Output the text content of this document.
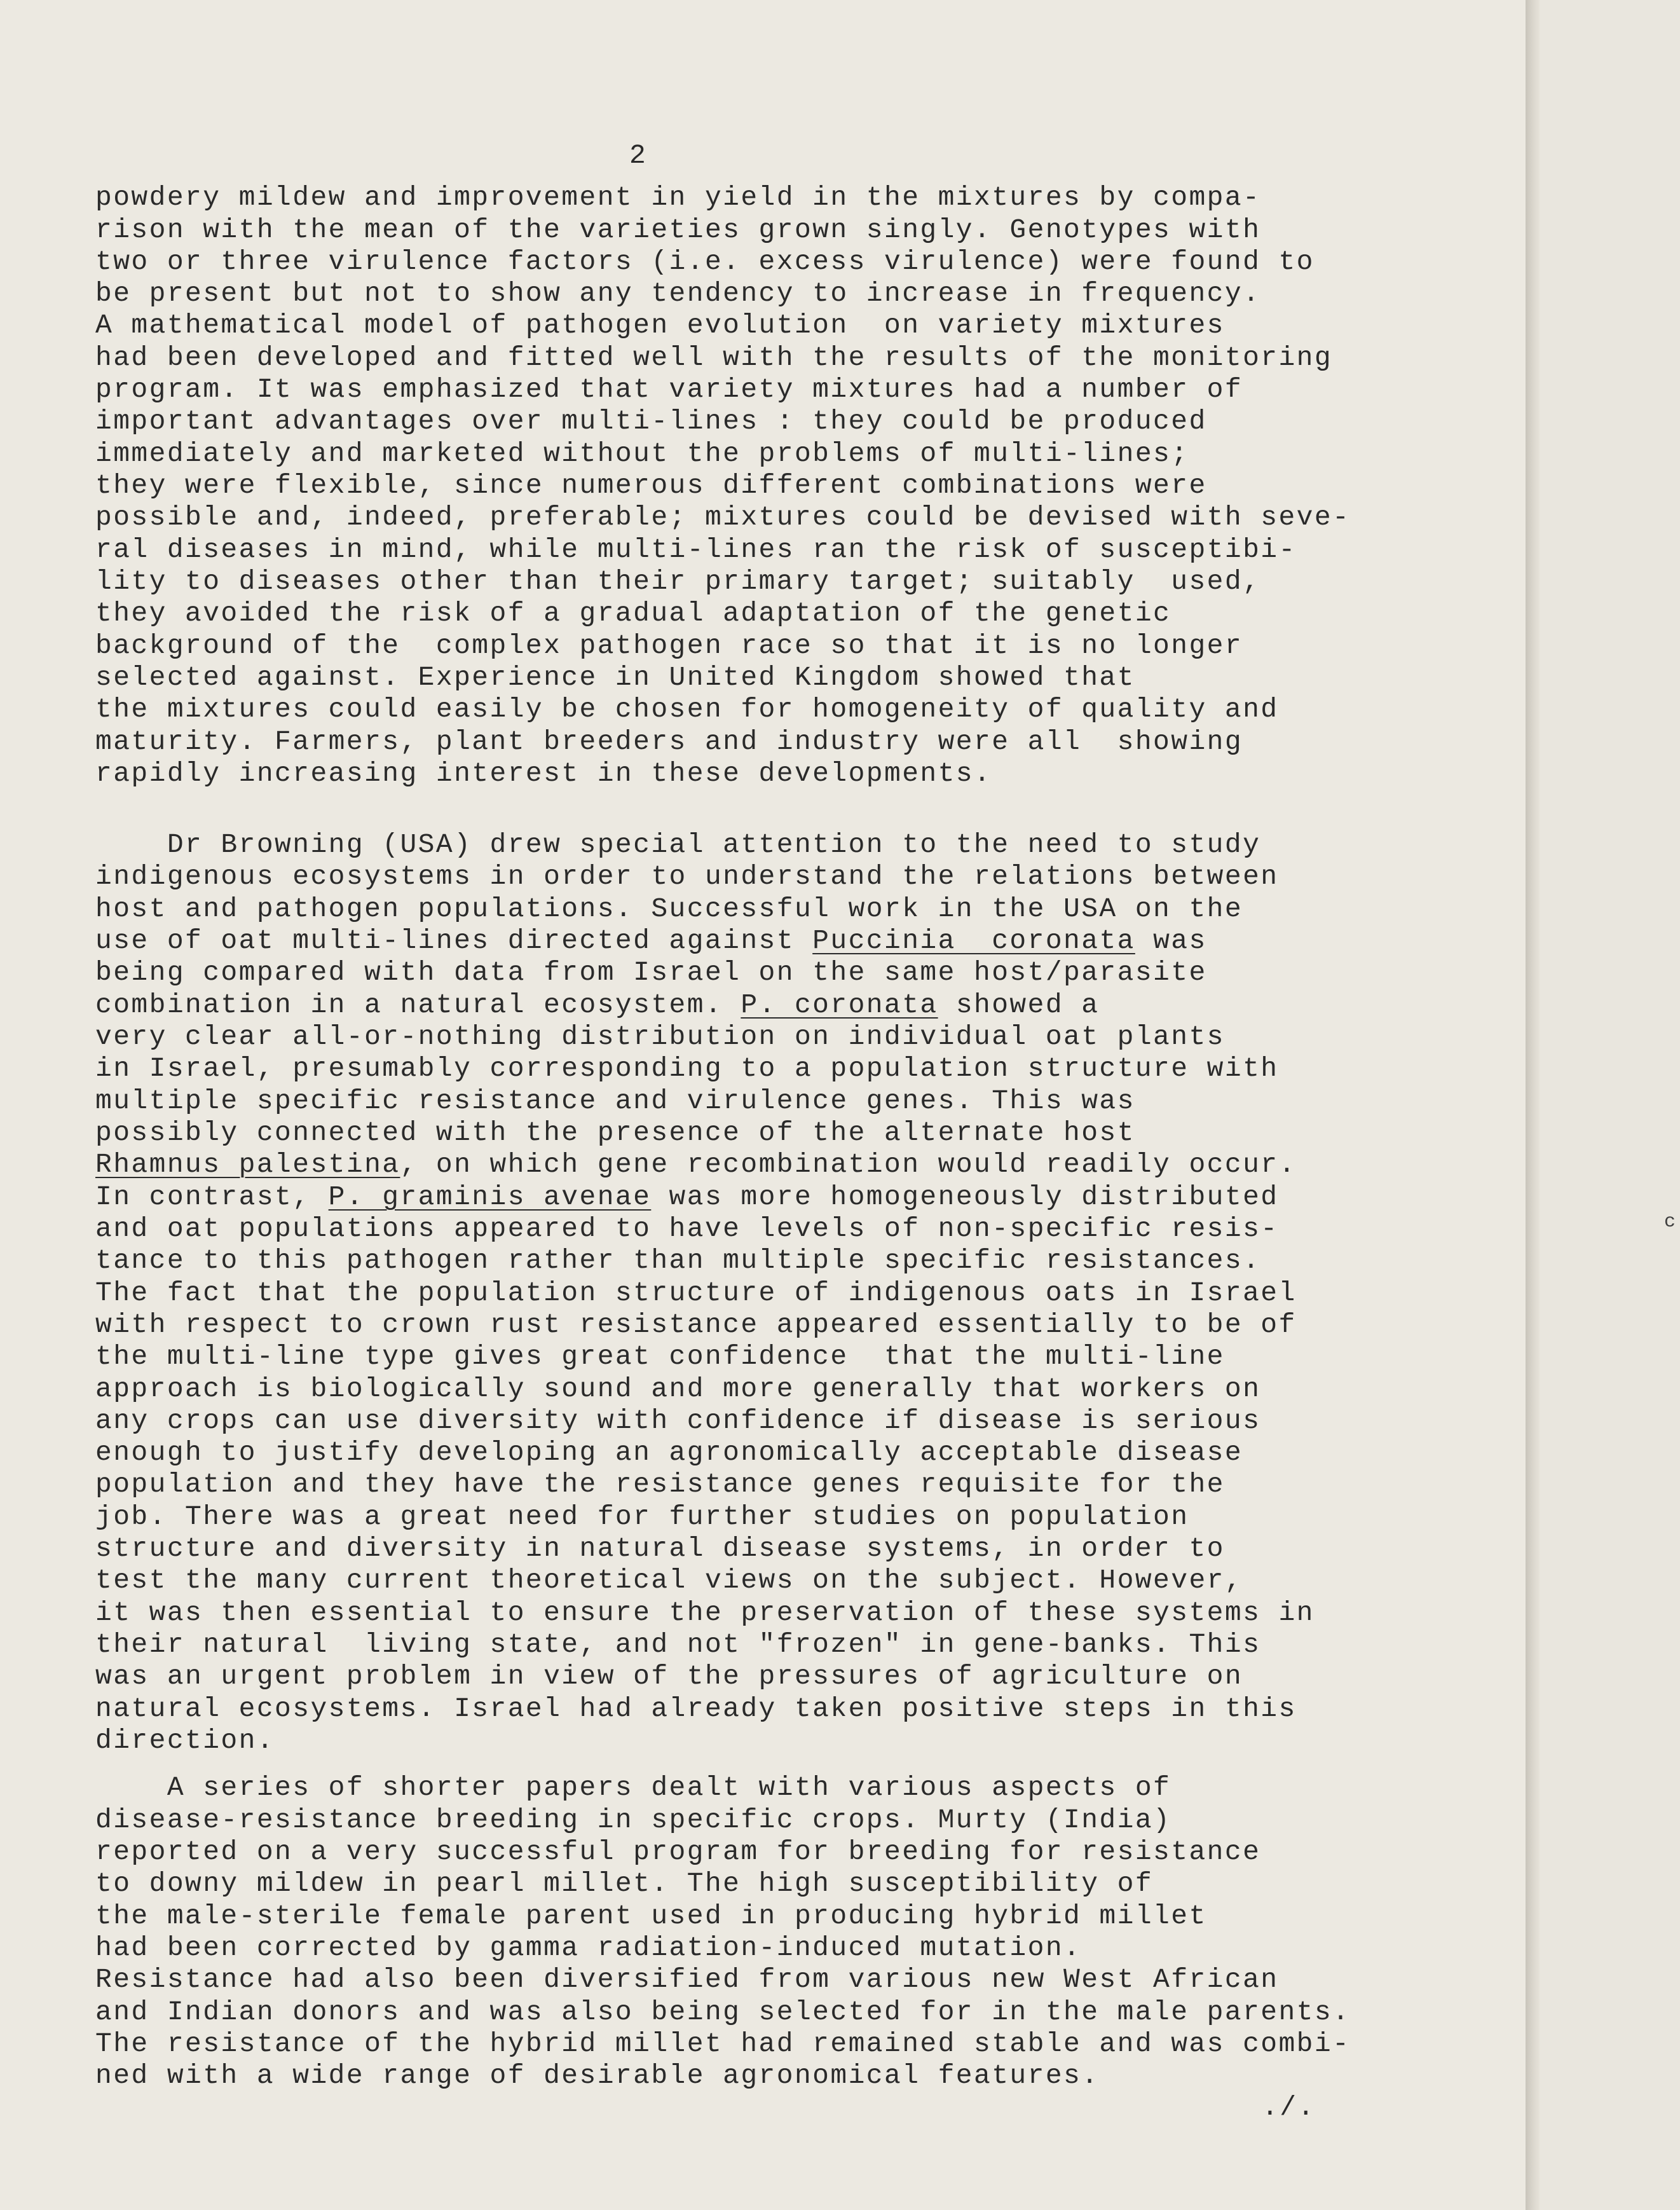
2
powdery mildew and improvement in yield in the mixtures by compa-
rison with the mean of the varieties grown singly. Genotypes with
two or three virulence factors (i.e. excess virulence) were found to
be present but not to show any tendency to increase in frequency.
A mathematical model of pathogen evolution  on variety mixtures
had been developed and fitted well with the results of the monitoring
program. It was emphasized that variety mixtures had a number of
important advantages over multi-lines : they could be produced
immediately and marketed without the problems of multi-lines;
they were flexible, since numerous different combinations were
possible and, indeed, preferable; mixtures could be devised with seve-
ral diseases in mind, while multi-lines ran the risk of susceptibi-
lity to diseases other than their primary target; suitably  used,
they avoided the risk of a gradual adaptation of the genetic
background of the  complex pathogen race so that it is no longer
selected against. Experience in United Kingdom showed that
the mixtures could easily be chosen for homogeneity of quality and
maturity. Farmers, plant breeders and industry were all  showing
rapidly increasing interest in these developments.
Dr Browning (USA) drew special attention to the need to study
indigenous ecosystems in order to understand the relations between
host and pathogen populations. Successful work in the USA on the
use of oat multi-lines directed against Puccinia  coronata was
being compared with data from Israel on the same host/parasite
combination in a natural ecosystem. P. coronata showed a
very clear all-or-nothing distribution on individual oat plants
in Israel, presumably corresponding to a population structure with
multiple specific resistance and virulence genes. This was
possibly connected with the presence of the alternate host
Rhamnus palestina, on which gene recombination would readily occur.
In contrast, P. graminis avenae was more homogeneously distributed
and oat populations appeared to have levels of non-specific resis-
tance to this pathogen rather than multiple specific resistances.
The fact that the population structure of indigenous oats in Israel
with respect to crown rust resistance appeared essentially to be of
the multi-line type gives great confidence  that the multi-line
approach is biologically sound and more generally that workers on
any crops can use diversity with confidence if disease is serious
enough to justify developing an agronomically acceptable disease
population and they have the resistance genes requisite for the
job. There was a great need for further studies on population
structure and diversity in natural disease systems, in order to
test the many current theoretical views on the subject. However,
it was then essential to ensure the preservation of these systems in
their natural  living state, and not "frozen" in gene-banks. This
was an urgent problem in view of the pressures of agriculture on
natural ecosystems. Israel had already taken positive steps in this
direction.
A series of shorter papers dealt with various aspects of
disease-resistance breeding in specific crops. Murty (India)
reported on a very successful program for breeding for resistance
to downy mildew in pearl millet. The high susceptibility of
the male-sterile female parent used in producing hybrid millet
had been corrected by gamma radiation-induced mutation.
Resistance had also been diversified from various new West African
and Indian donors and was also being selected for in the male parents.
The resistance of the hybrid millet had remained stable and was combi-
ned with a wide range of desirable agronomical features.
./.
c
